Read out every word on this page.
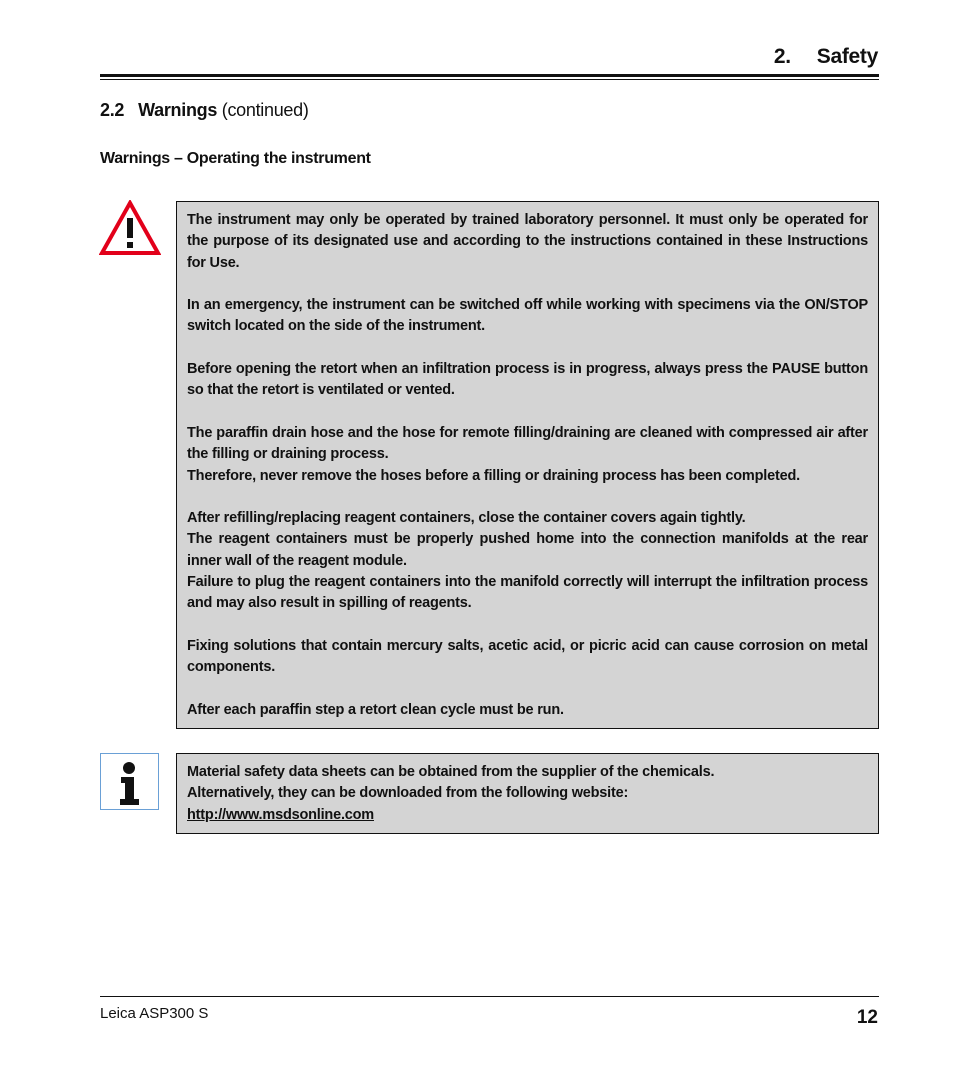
2. Safety
2.2 Warnings (continued)
Warnings – Operating the instrument

The instrument may only be operated by trained laboratory personnel. It must only be operated for the purpose of its designated use and according to the instructions contained in these Instructions for Use.

In an emergency, the instrument can be switched off while working with specimens via the ON/STOP switch located on the side of the instrument.

Before opening the retort when an infiltration process is in progress, always press the PAUSE button so that the retort is ventilated or vented.

The paraffin drain hose and the hose for remote filling/draining are cleaned with compressed air after the filling or draining process.
Therefore, never remove the hoses before a filling or draining process has been completed.

After refilling/replacing reagent containers, close the container covers again tightly.
The reagent containers must be properly pushed home into the connection manifolds at the rear inner wall of the reagent module.
Failure to plug the reagent containers into the manifold correctly will interrupt the infiltration process and may also result in spilling of reagents.

Fixing solutions that contain mercury salts, acetic acid, or picric acid can cause corrosion on metal components.

After each paraffin step a retort clean cycle must be run.

Material safety data sheets can be obtained from the supplier of the chemicals.
Alternatively, they can be downloaded from the following website:
http://www.msdsonline.com
Leica ASP300 S	12
